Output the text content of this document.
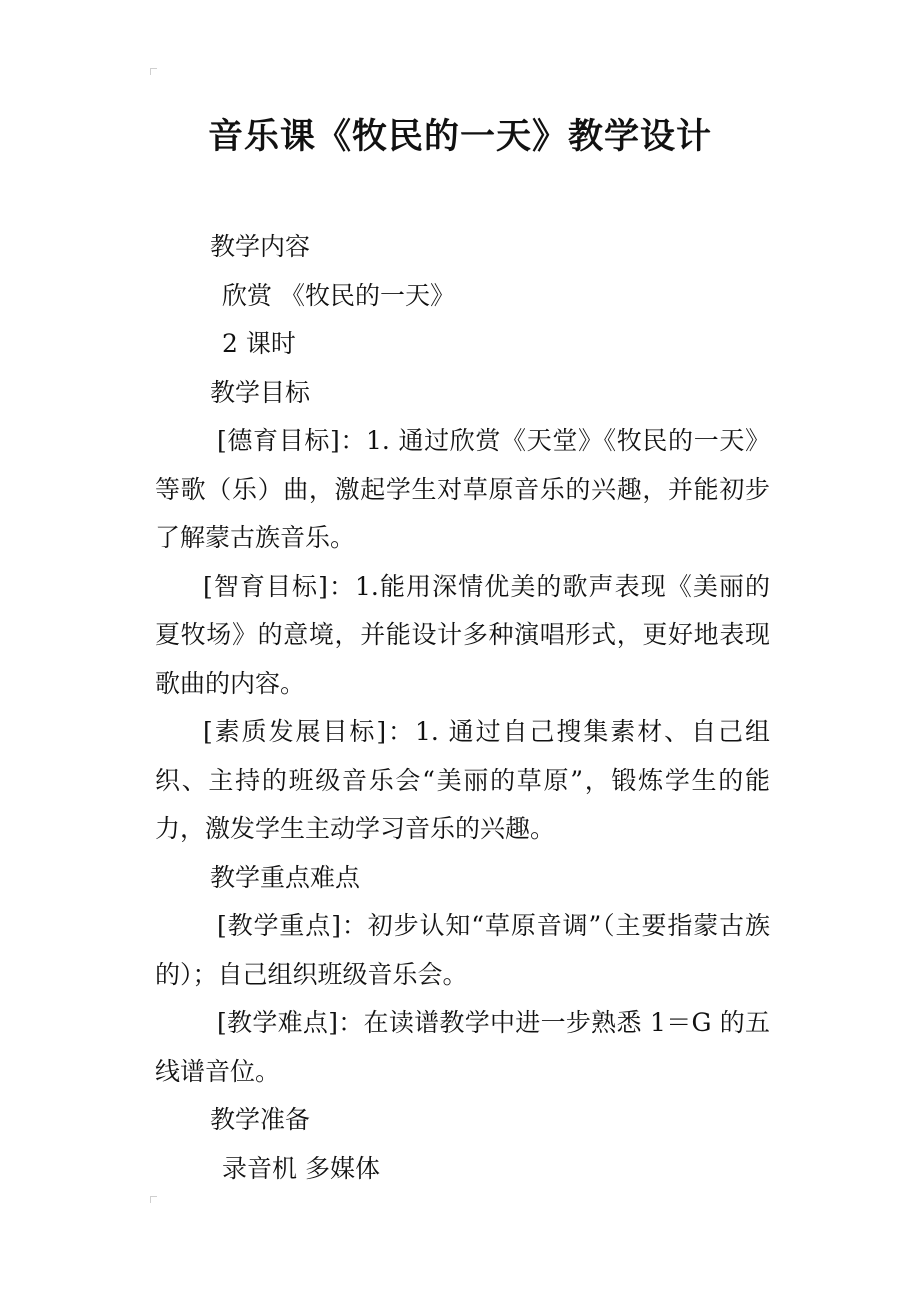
音乐课《牧民的一天》教学设计

教学内容

欣赏 《牧民的一天》

2 课时

教学目标

[德育目标]：1. 通过欣赏《天堂》《牧民的一天》等歌（乐）曲，激起学生对草原音乐的兴趣，并能初步了解蒙古族音乐。

[智育目标]：1.能用深情优美的歌声表现《美丽的夏牧场》的意境，并能设计多种演唱形式，更好地表现歌曲的内容。

[素质发展目标]：1. 通过自己搜集素材、自己组织、主持的班级音乐会“美丽的草原”，锻炼学生的能力，激发学生主动学习音乐的兴趣。

教学重点难点

[教学重点]：初步认知“草原音调”（主要指蒙古族的）；自己组织班级音乐会。

[教学难点]：在读谱教学中进一步熟悉 1＝G 的五线谱音位。

教学准备

录音机 多媒体
